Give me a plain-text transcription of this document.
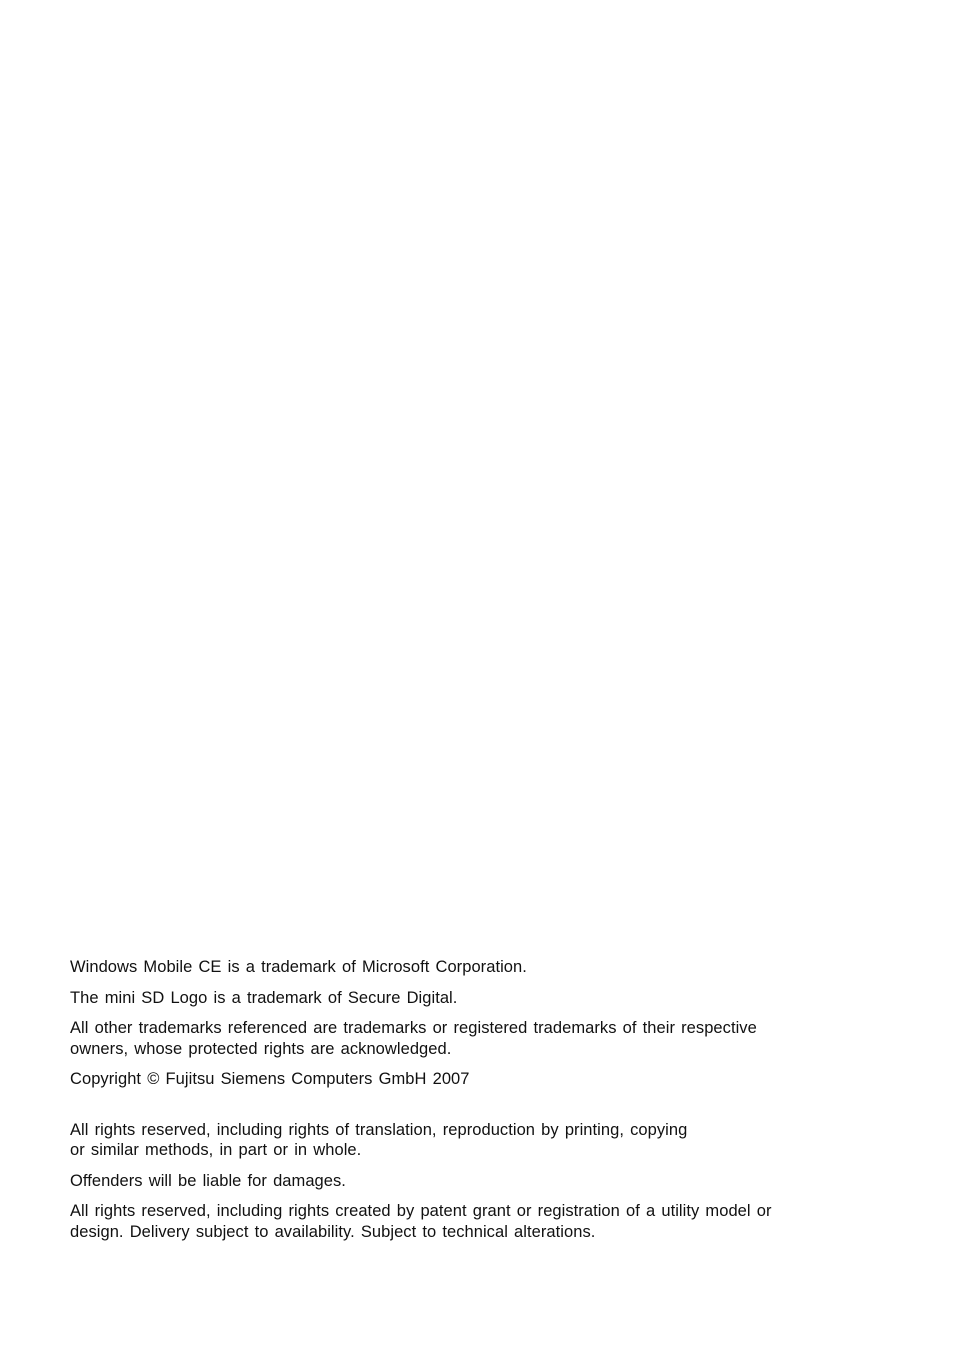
Windows Mobile CE is a trademark of Microsoft Corporation.

The mini SD Logo is a trademark of Secure Digital.

All other trademarks referenced are trademarks or registered trademarks of their respective
owners, whose protected rights are acknowledged.

Copyright © Fujitsu Siemens Computers GmbH 2007

All rights reserved, including rights of translation, reproduction by printing, copying
or similar methods, in part or in whole.

Offenders will be liable for damages.

All rights reserved, including rights created by patent grant or registration of a utility model or
design. Delivery subject to availability. Subject to technical alterations.
